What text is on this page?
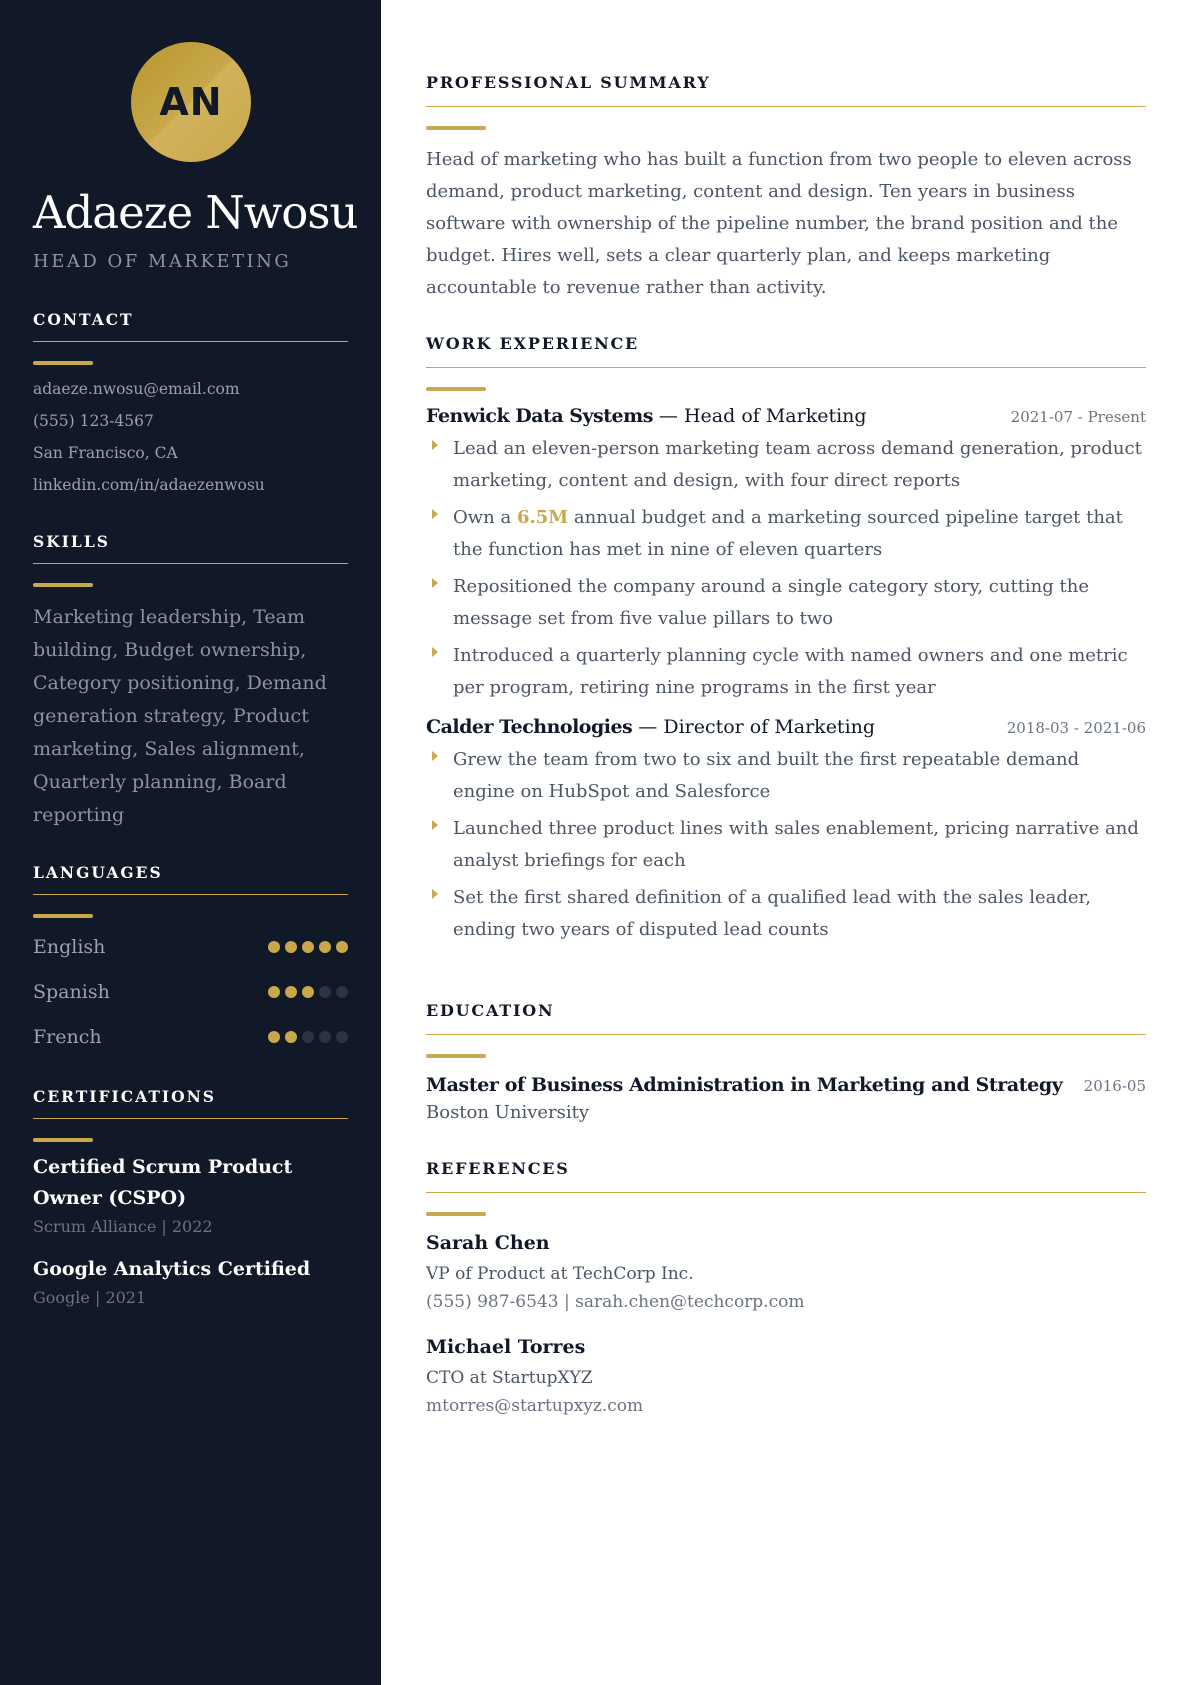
AN
Adaeze Nwosu
HEAD OF MARKETING
CONTACT
adaeze.nwosu@email.com
(555) 123-4567
San Francisco, CA
linkedin.com/in/adaezenwosu
SKILLS
Marketing leadership, Team building, Budget ownership, Category positioning, Demand generation strategy, Product marketing, Sales alignment, Quarterly planning, Board reporting
LANGUAGES
English
Spanish
French
CERTIFICATIONS
Certified Scrum Product Owner (CSPO)
Scrum Alliance | 2022
Google Analytics Certified
Google | 2021
PROFESSIONAL SUMMARY

Head of marketing who has built a function from two people to eleven across demand, product marketing, content and design. Ten years in business software with ownership of the pipeline number, the brand position and the budget. Hires well, sets a clear quarterly plan, and keeps marketing accountable to revenue rather than activity.

WORK EXPERIENCE
Fenwick Data Systems — Head of Marketing	2021-07 - Present
Lead an eleven-person marketing team across demand generation, product marketing, content and design, with four direct reports
Own a 6.5M annual budget and a marketing sourced pipeline target that the function has met in nine of eleven quarters
Repositioned the company around a single category story, cutting the message set from five value pillars to two
Introduced a quarterly planning cycle with named owners and one metric per program, retiring nine programs in the first year
Calder Technologies — Director of Marketing	2018-03 - 2021-06
Grew the team from two to six and built the first repeatable demand engine on HubSpot and Salesforce
Launched three product lines with sales enablement, pricing narrative and analyst briefings for each
Set the first shared definition of a qualified lead with the sales leader, ending two years of disputed lead counts
EDUCATION
Master of Business Administration in Marketing and Strategy 2016-05
Boston University
REFERENCES
Sarah Chen
VP of Product at TechCorp Inc.
(555) 987-6543 | sarah.chen@techcorp.com
Michael Torres
CTO at StartupXYZ
mtorres@startupxyz.com
